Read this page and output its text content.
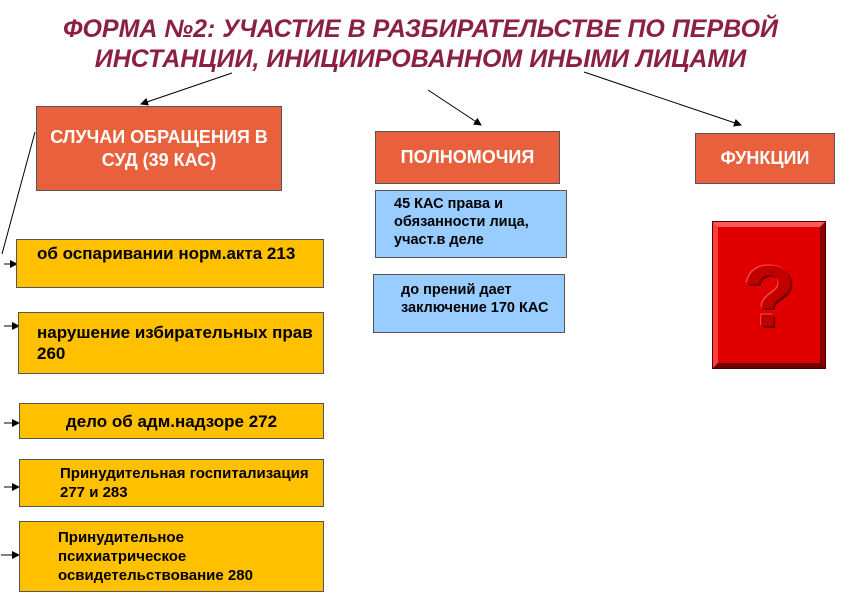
ФОРМА №2: УЧАСТИЕ В РАЗБИРАТЕЛЬСТВЕ ПО ПЕРВОЙ
ИНСТАНЦИИ, ИНИЦИИРОВАННОМ ИНЫМИ ЛИЦАМИ
СЛУЧАИ ОБРАЩЕНИЯ В СУД (39 КАС)	ПОЛНОМОЧИЯ	ФУНКЦИИ
45 КАС права и обязанности лица, участ.в деле
до прений дает заключение 170 КАС
об оспаривании норм.акта 213
нарушение избирательных прав 260
дело об адм.надзоре 272
Принудительная госпитализация 277 и 283
Принудительное психиатрическое освидетельствование 280
?
